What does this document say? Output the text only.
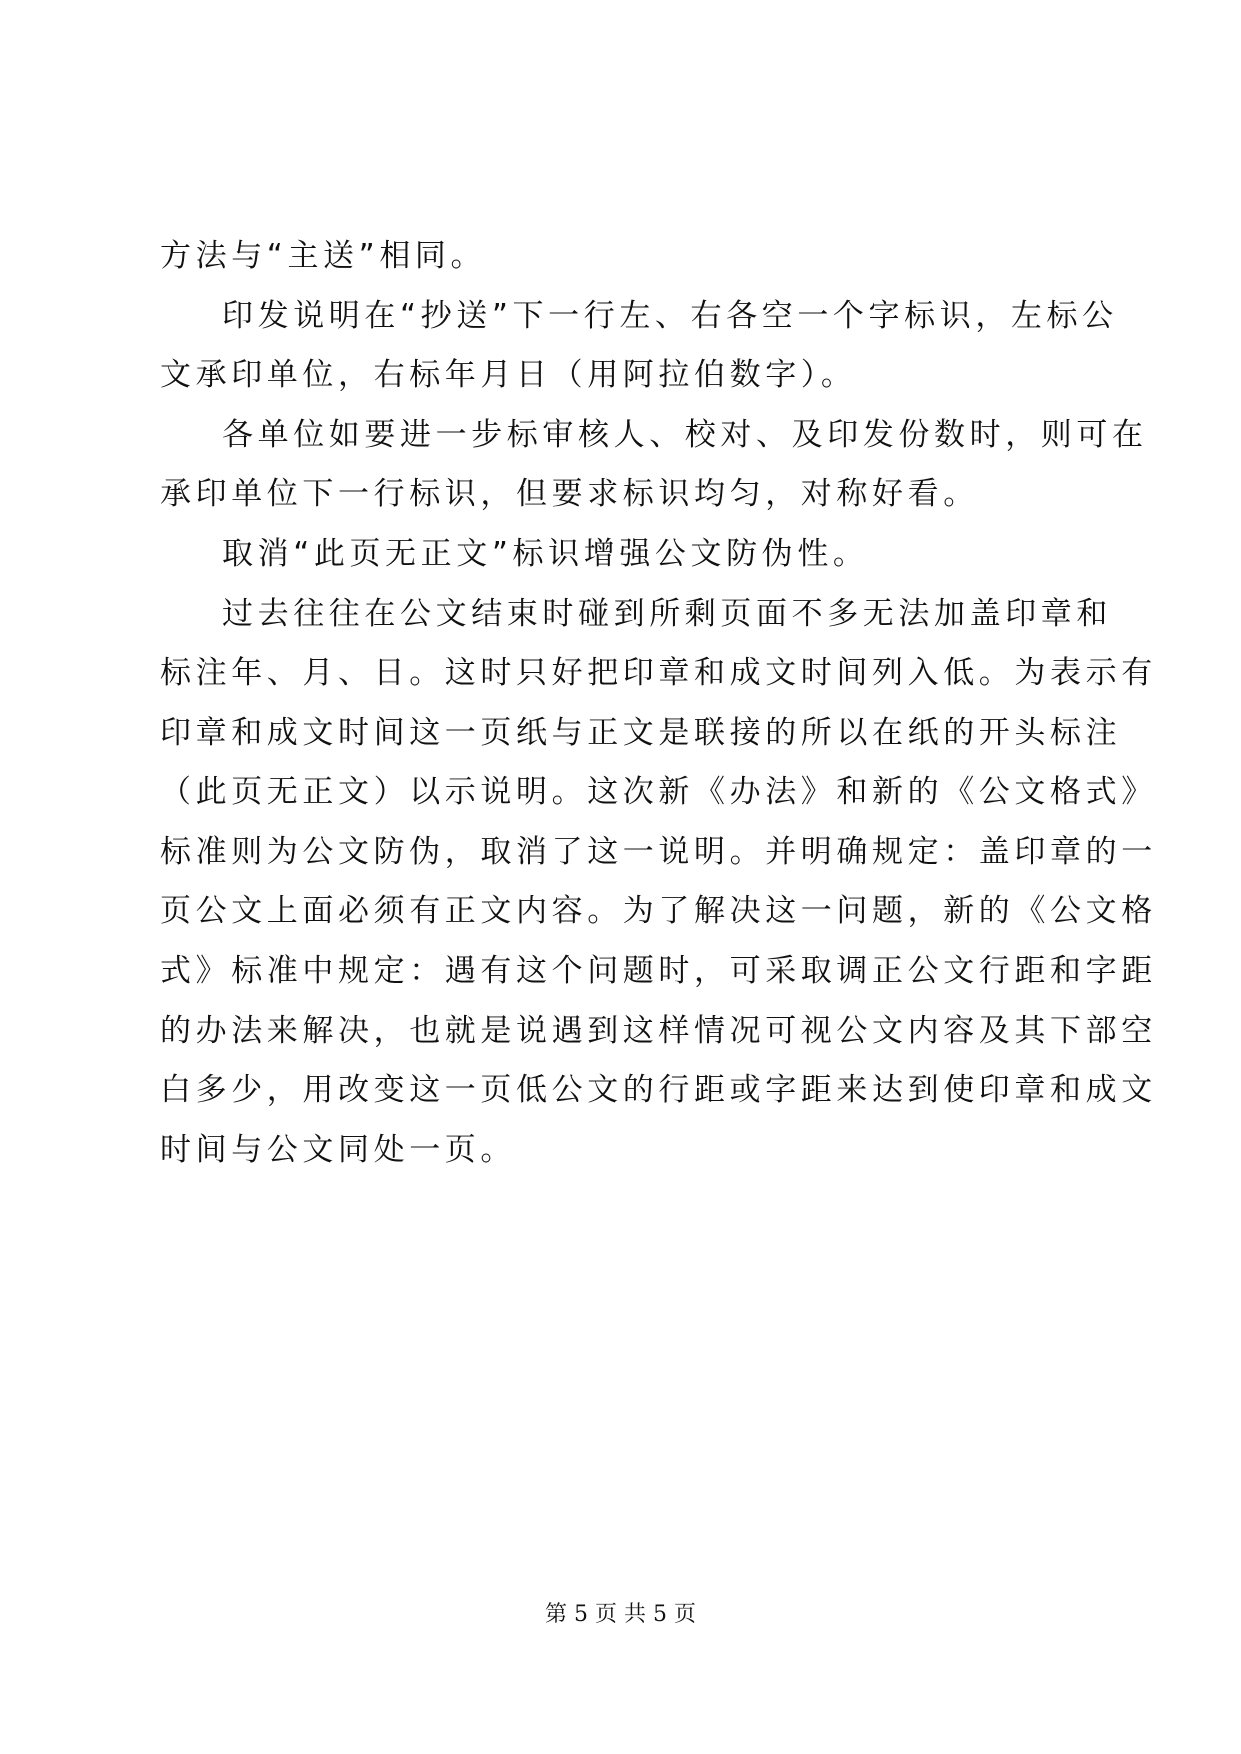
方法与“主送”相同。
印发说明在“抄送”下一行左、右各空一个字标识，左标公
文承印单位，右标年月日（用阿拉伯数字）。
各单位如要进一步标审核人、校对、及印发份数时，则可在
承印单位下一行标识，但要求标识均匀，对称好看。
取消“此页无正文”标识增强公文防伪性。
过去往往在公文结束时碰到所剩页面不多无法加盖印章和
标注年、月、日。这时只好把印章和成文时间列入低。为表示有
印章和成文时间这一页纸与正文是联接的所以在纸的开头标注
（此页无正文）以示说明。这次新《办法》和新的《公文格式》
标准则为公文防伪，取消了这一说明。并明确规定：盖印章的一
页公文上面必须有正文内容。为了解决这一问题，新的《公文格
式》标准中规定：遇有这个问题时，可采取调正公文行距和字距
的办法来解决，也就是说遇到这样情况可视公文内容及其下部空
白多少，用改变这一页低公文的行距或字距来达到使印章和成文
时间与公文同处一页。
第 5 页 共 5 页
